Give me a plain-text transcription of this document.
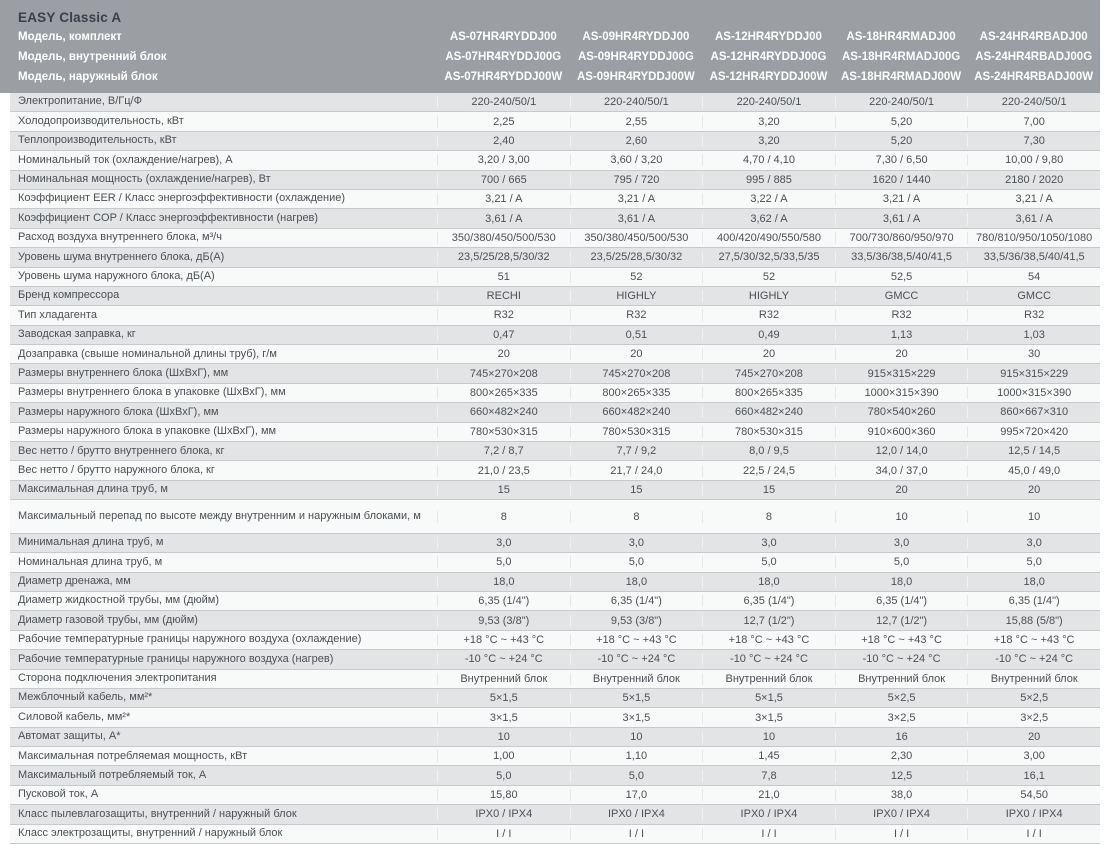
EASY Classic A
Модель, комплект	AS-07HR4RYDDJ00	AS-09HR4RYDDJ00	AS-12HR4RYDDJ00	AS-18HR4RMADJ00	AS-24HR4RBADJ00
Модель, внутренний блок	AS-07HR4RYDDJ00G	AS-09HR4RYDDJ00G	AS-12HR4RYDDJ00G	AS-18HR4RMADJ00G	AS-24HR4RBADJ00G
Модель, наружный блок	AS-07HR4RYDDJ00W	AS-09HR4RYDDJ00W	AS-12HR4RYDDJ00W	AS-18HR4RMADJ00W	AS-24HR4RBADJ00W
Электропитание, В/Гц/Ф	220-240/50/1	220-240/50/1	220-240/50/1	220-240/50/1	220-240/50/1
Холодопроизводительность, кВт	2,25	2,55	3,20	5,20	7,00
Теплопроизводительность, кВт	2,40	2,60	3,20	5,20	7,30
Номинальный ток (охлаждение/нагрев), А	3,20 / 3,00	3,60 / 3,20	4,70 / 4,10	7,30 / 6,50	10,00 / 9,80
Номинальная мощность (охлаждение/нагрев), Вт	700 / 665	795 / 720	995 / 885	1620 / 1440	2180 / 2020
Коэффициент EER / Класс энергоэффективности (охлаждение)	3,21 / A	3,21 / A	3,22 / A	3,21 / A	3,21 / A
Коэффициент COP / Класс энергоэффективности (нагрев)	3,61 / A	3,61 / A	3,62 / A	3,61 / A	3,61 / A
Расход воздуха внутреннего блока, м³/ч	350/380/450/500/530	350/380/450/500/530	400/420/490/550/580	700/730/860/950/970	780/810/950/1050/1080
Уровень шума внутреннего блока, дБ(А)	23,5/25/28,5/30/32	23,5/25/28,5/30/32	27,5/30/32,5/33,5/35	33,5/36/38,5/40/41,5	33,5/36/38,5/40/41,5
Уровень шума наружного блока, дБ(А)	51	52	52	52,5	54
Бренд компрессора	RECHI	HIGHLY	HIGHLY	GMCC	GMCC
Тип хладагента	R32	R32	R32	R32	R32
Заводская заправка, кг	0,47	0,51	0,49	1,13	1,03
Дозаправка (свыше номинальной длины труб), г/м	20	20	20	20	30
Размеры внутреннего блока (ШхВхГ), мм	745×270×208	745×270×208	745×270×208	915×315×229	915×315×229
Размеры внутреннего блока в упаковке (ШхВхГ), мм	800×265×335	800×265×335	800×265×335	1000×315×390	1000×315×390
Размеры наружного блока (ШхВхГ), мм	660×482×240	660×482×240	660×482×240	780×540×260	860×667×310
Размеры наружного блока в упаковке (ШхВхГ), мм	780×530×315	780×530×315	780×530×315	910×600×360	995×720×420
Вес нетто / брутто внутреннего блока, кг	7,2 / 8,7	7,7 / 9,2	8,0 / 9,5	12,0 / 14,0	12,5 / 14,5
Вес нетто / брутто наружного блока, кг	21,0 / 23,5	21,7 / 24,0	22,5 / 24,5	34,0 / 37,0	45,0 / 49,0
Максимальная длина труб, м	15	15	15	20	20
Максимальный перепад по высоте между внутренним и наружным блоками, м	8	8	8	10	10
Минимальная длина труб, м	3,0	3,0	3,0	3,0	3,0
Номинальная длина труб, м	5,0	5,0	5,0	5,0	5,0
Диаметр дренажа, мм	18,0	18,0	18,0	18,0	18,0
Диаметр жидкостной трубы, мм (дюйм)	6,35 (1/4")	6,35 (1/4")	6,35 (1/4")	6,35 (1/4")	6,35 (1/4")
Диаметр газовой трубы, мм (дюйм)	9,53 (3/8")	9,53 (3/8")	12,7 (1/2")	12,7 (1/2")	15,88 (5/8")
Рабочие температурные границы наружного воздуха (охлаждение)	+18 °C ~ +43 °C	+18 °C ~ +43 °C	+18 °C ~ +43 °C	+18 °C ~ +43 °C	+18 °C ~ +43 °C
Рабочие температурные границы наружного воздуха (нагрев)	-10 °C ~ +24 °C	-10 °C ~ +24 °C	-10 °C ~ +24 °C	-10 °C ~ +24 °C	-10 °C ~ +24 °C
Сторона подключения электропитания	Внутренний блок	Внутренний блок	Внутренний блок	Внутренний блок	Внутренний блок
Межблочный кабель, мм²*	5×1,5	5×1,5	5×1,5	5×2,5	5×2,5
Силовой кабель, мм²*	3×1,5	3×1,5	3×1,5	3×2,5	3×2,5
Автомат защиты, А*	10	10	10	16	20
Максимальная потребляемая мощность, кВт	1,00	1,10	1,45	2,30	3,00
Максимальный потребляемый ток, А	5,0	5,0	7,8	12,5	16,1
Пусковой ток, А	15,80	17,0	21,0	38,0	54,50
Класс пылевлагозащиты, внутренний / наружный блок	IPX0 / IPX4	IPX0 / IPX4	IPX0 / IPX4	IPX0 / IPX4	IPX0 / IPX4
Класс электрозащиты, внутренний / наружный блок	I / I	I / I	I / I	I / I	I / I
